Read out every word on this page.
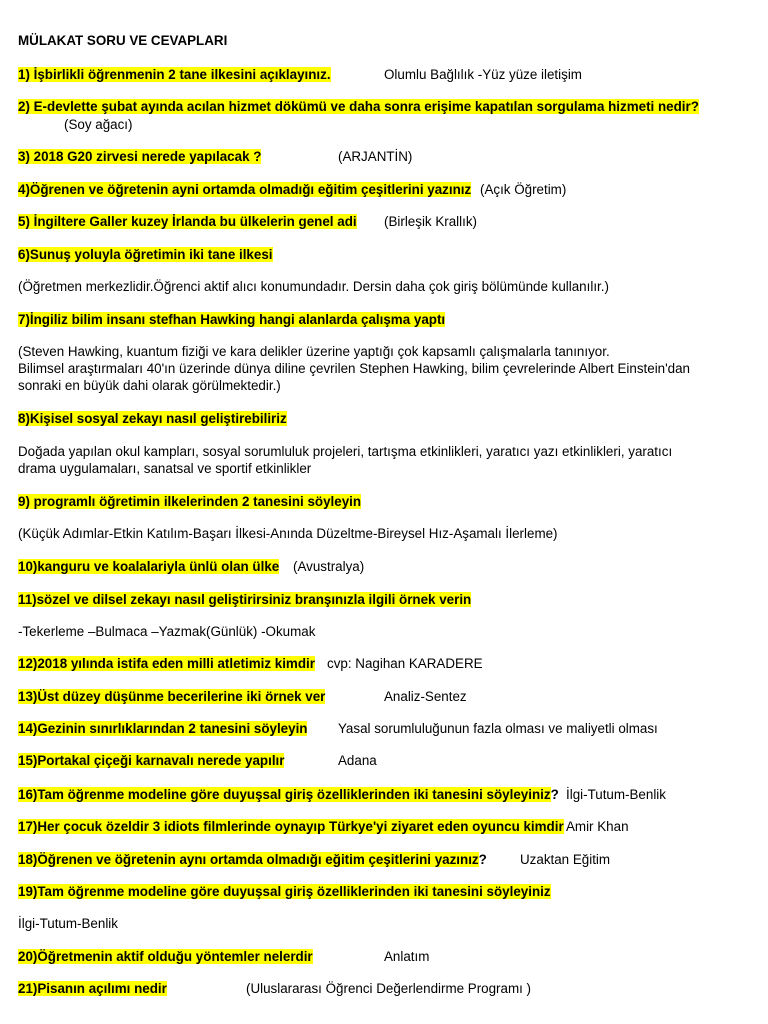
MÜLAKAT SORU VE CEVAPLARI
1) İşbirlikli öğrenmenin 2 tane ilkesini açıklayınız.	Olumlu Bağlılık -Yüz yüze iletişim
2) E-devlette şubat ayında acılan hizmet dökümü ve daha sonra erişime kapatılan sorgulama hizmeti nedir?
(Soy ağacı)
3) 2018 G20 zirvesi nerede yapılacak ?	(ARJANTİN)
4)Öğrenen ve öğretenin ayni ortamda olmadığı eğitim çeşitlerini yazınız (Açık Öğretim)
5) İngiltere Galler kuzey İrlanda bu ülkelerin genel adi (Birleşik Krallık)
6)Sunuş yoluyla öğretimin iki tane ilkesi
(Öğretmen merkezlidir.Öğrenci aktif alıcı konumundadır. Dersin daha çok giriş bölümünde kullanılır.)
7)İngiliz bilim insanı stefhan Hawking hangi alanlarda çalışma yaptı
(Steven Hawking, kuantum fiziği ve kara delikler üzerine yaptığı çok kapsamlı çalışmalarla tanınıyor.
Bilimsel araştırmaları 40'ın üzerinde dünya diline çevrilen Stephen Hawking, bilim çevrelerinde Albert Einstein'dan
sonraki en büyük dahi olarak görülmektedir.)
8)Kişisel sosyal zekayı nasıl geliştirebiliriz
Doğada yapılan okul kampları, sosyal sorumluluk projeleri, tartışma etkinlikleri, yaratıcı yazı etkinlikleri, yaratıcı
drama uygulamaları, sanatsal ve sportif etkinlikler
9) programlı öğretimin ilkelerinden 2 tanesini söyleyin
(Küçük Adımlar-Etkin Katılım-Başarı İlkesi-Anında Düzeltme-Bireysel Hız-Aşamalı İlerleme)
10)kanguru ve koalalariyla ünlü olan ülke (Avustralya)
11)sözel ve dilsel zekayı nasıl geliştirirsiniz branşınızla ilgili örnek verin
-Tekerleme –Bulmaca –Yazmak(Günlük) -Okumak
12)2018 yılında istifa eden milli atletimiz kimdir cvp: Nagihan KARADERE
13)Üst düzey düşünme becerilerine iki örnek ver	Analiz-Sentez
14)Gezinin sınırlıklarından 2 tanesini söyleyin Yasal sorumluluğunun fazla olması ve maliyetli olması
15)Portakal çiçeği karnavalı nerede yapılır	Adana
16)Tam öğrenme modeline göre duyuşsal giriş özelliklerinden iki tanesini söyleyiniz? İlgi-Tutum-Benlik
17)Her çocuk özeldir 3 idiots filmlerinde oynayıp Türkye'yi ziyaret eden oyuncu kimdir Amir Khan
18)Öğrenen ve öğretenin aynı ortamda olmadığı eğitim çeşitlerini yazınız? Uzaktan Eğitim
19)Tam öğrenme modeline göre duyuşsal giriş özelliklerinden iki tanesini söyleyiniz
İlgi-Tutum-Benlik
20)Öğretmenin aktif olduğu yöntemler nelerdir	Anlatım
21)Pisanın açılımı nedir	(Uluslararası Öğrenci Değerlendirme Programı )
